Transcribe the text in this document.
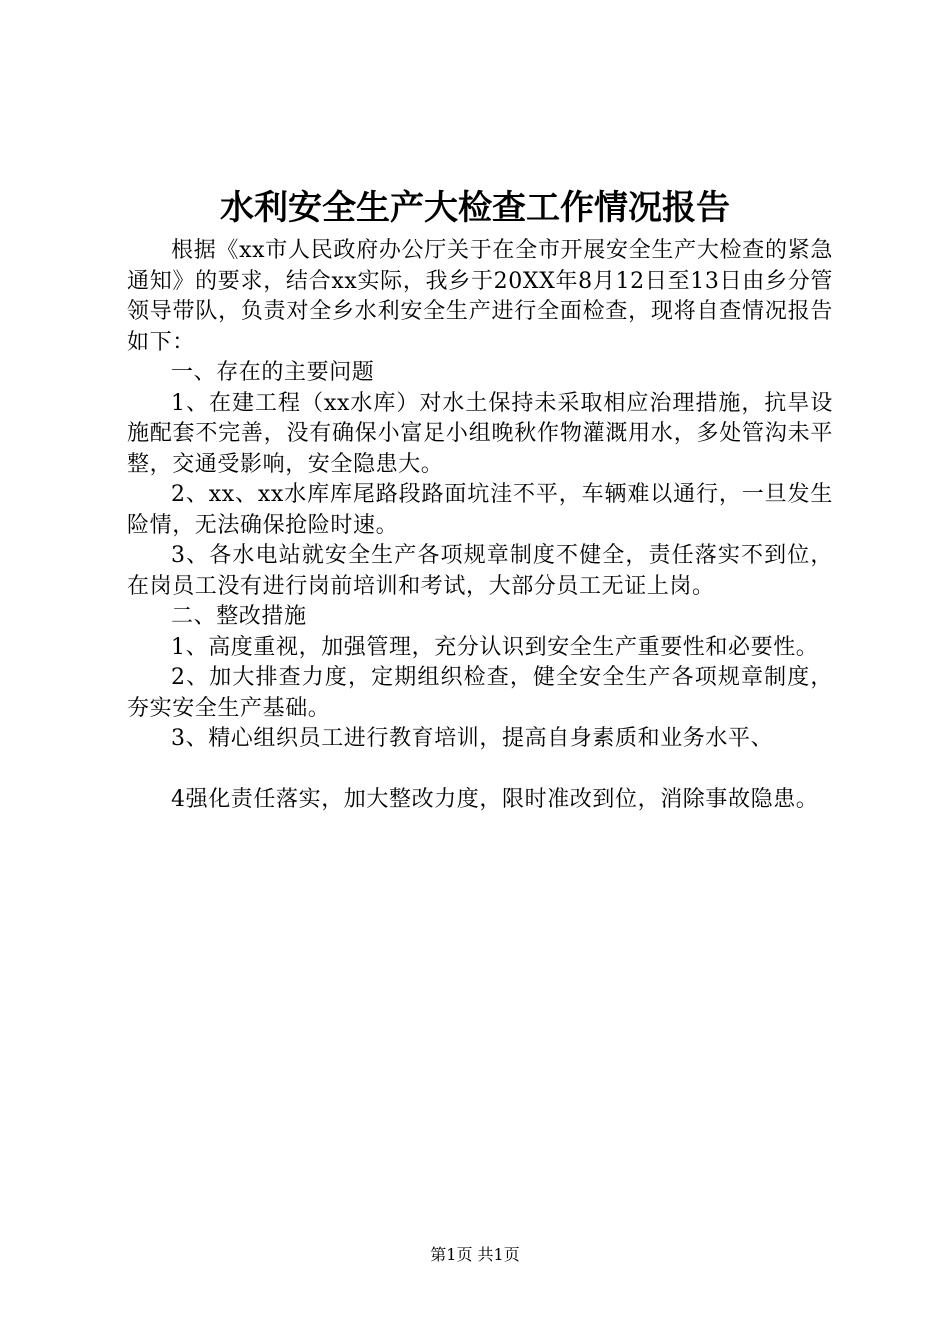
水利安全生产大检查工作情况报告

根据《xx市人民政府办公厅关于在全市开展安全生产大检查的紧急通知》的要求，结合xx实际，我乡于20XX年8月12日至13日由乡分管领导带队，负责对全乡水利安全生产进行全面检查，现将自查情况报告如下：

一、存在的主要问题

1、在建工程（xx水库）对水土保持未采取相应治理措施，抗旱设施配套不完善，没有确保小富足小组晚秋作物灌溉用水，多处管沟未平整，交通受影响，安全隐患大。

2、xx、xx水库库尾路段路面坑洼不平，车辆难以通行，一旦发生险情，无法确保抢险时速。

3、各水电站就安全生产各项规章制度不健全，责任落实不到位，在岗员工没有进行岗前培训和考试，大部分员工无证上岗。

二、整改措施

1、高度重视，加强管理，充分认识到安全生产重要性和必要性。

2、加大排查力度，定期组织检查，健全安全生产各项规章制度，夯实安全生产基础。

3、精心组织员工进行教育培训，提高自身素质和业务水平、

4强化责任落实，加大整改力度，限时准改到位，消除事故隐患。

第1页 共1页
